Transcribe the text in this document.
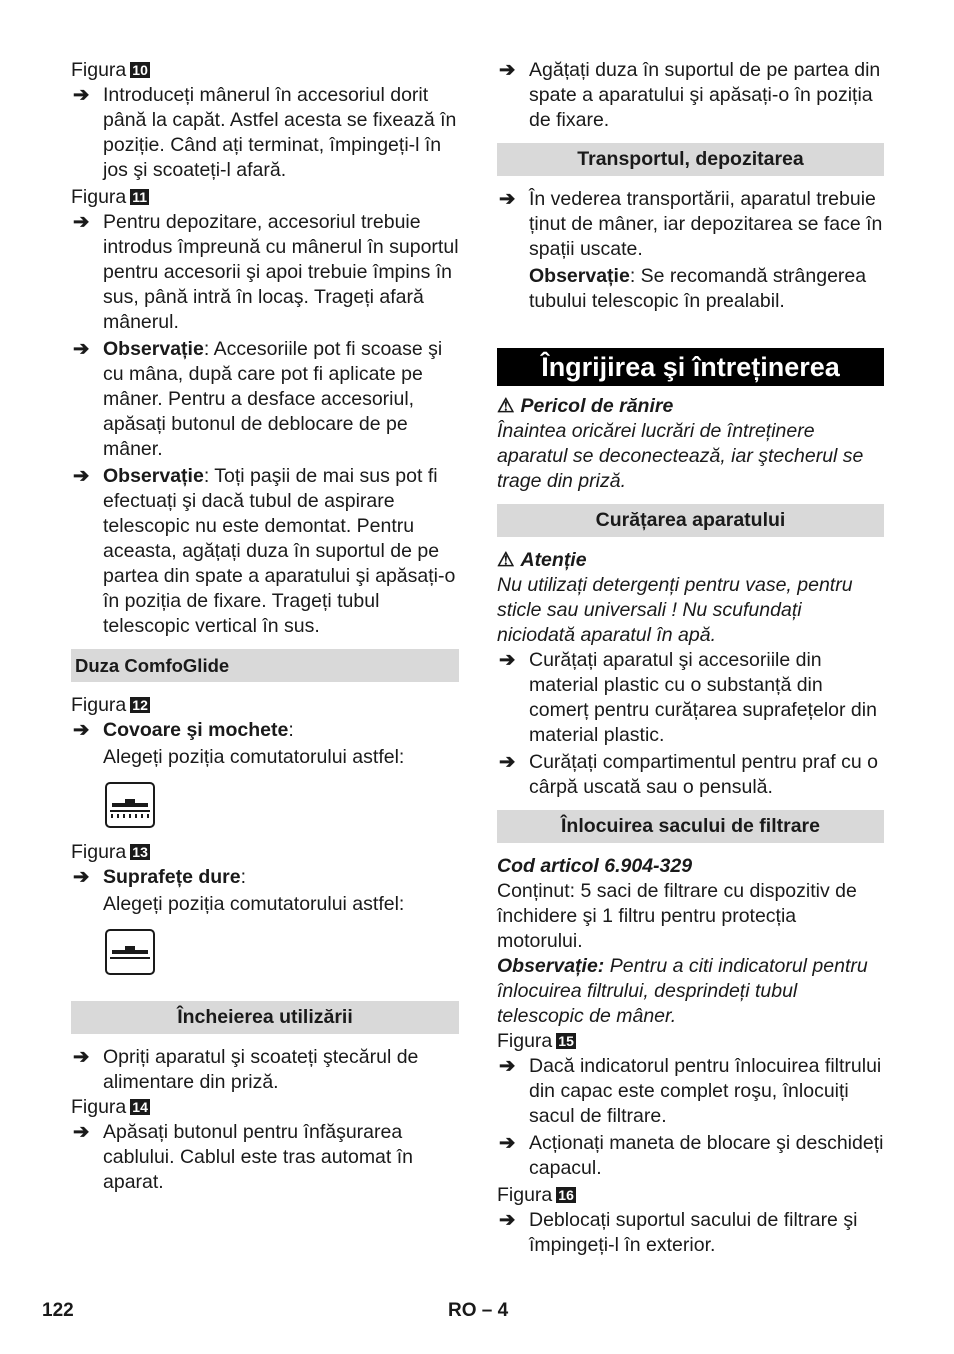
Figura 10

➔ Introduceți mânerul în accesoriul dorit până la capăt. Astfel acesta se fixează în poziție. Când ați terminat, împingeți-l în jos şi scoateți-l afară.

Figura 11

➔ Pentru depozitare, accesoriul trebuie introdus împreună cu mânerul în suportul pentru accesorii şi apoi trebuie împins în sus, până intră în locaş. Trageți afară mânerul.

➔ Observație: Accesoriile pot fi scoase şi cu mâna, după care pot fi aplicate pe mâner. Pentru a desface accesoriul, apăsați butonul de deblocare de pe mâner.

➔ Observație: Toți paşii de mai sus pot fi efectuați şi dacă tubul de aspirare telescopic nu este demontat. Pentru aceasta, agățați duza în suportul de pe partea din spate a aparatului şi apăsați-o în poziția de fixare. Trageți tubul telescopic vertical în sus.

Duza ComfoGlide

Figura 12

➔ Covoare şi mochete:

Alegeți poziția comutatorului astfel:

Figura 13

➔ Suprafețe dure:

Alegeți poziția comutatorului astfel:

Încheierea utilizării

➔ Opriți aparatul şi scoateți ştecărul de alimentare din priză.

Figura 14

➔ Apăsați butonul pentru înfăşurarea cablului. Cablul este tras automat în aparat.

➔ Agățați duza în suportul de pe partea din spate a aparatului şi apăsați-o în poziția de fixare.

Transportul, depozitarea

➔ În vederea transportării, aparatul trebuie ținut de mâner, iar depozitarea se face în spații uscate.

Observație: Se recomandă strângerea tubului telescopic în prealabil.

Îngrijirea şi întreținerea

⚠ Pericol de rănire

Înaintea oricărei lucrări de întreținere aparatul se deconectează, iar ştecherul se trage din priză.

Curățarea aparatului

⚠ Atenție

Nu utilizați detergenți pentru vase, pentru sticle sau universali ! Nu scufundați niciodată aparatul în apă.

➔ Curățați aparatul şi accesoriile din material plastic cu o substanță din comerț pentru curățarea suprafețelor din material plastic.

➔ Curățați compartimentul pentru praf cu o cârpă uscată sau o pensulă.

Înlocuirea sacului de filtrare

Cod articol 6.904-329

Conținut: 5 saci de filtrare cu dispozitiv de închidere şi 1 filtru pentru protecția motorului.

Observație: Pentru a citi indicatorul pentru înlocuirea filtrului, desprindeți tubul telescopic de mâner.

Figura 15

➔ Dacă indicatorul pentru înlocuirea filtrului din capac este complet roşu, înlocuiți sacul de filtrare.

➔ Acționați maneta de blocare şi deschideți capacul.

Figura 16

➔ Deblocați suportul sacului de filtrare şi împingeți-l în exterior.

122	RO – 4
